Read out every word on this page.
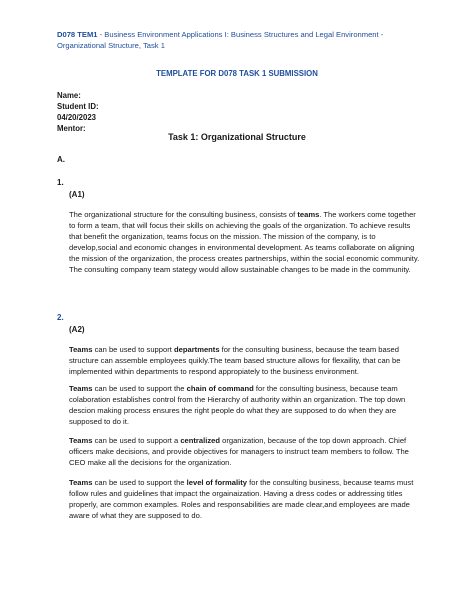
D078 TEM1 - Business Environment Applications I: Business Structures and Legal Environment - Organizational Structure, Task 1
TEMPLATE FOR D078 TASK 1 SUBMISSION
Name:
Student ID:
04/20/2023
Mentor:
Task 1: Organizational Structure
A.
1.
(A1)
The organizational structure for the consulting business, consists of teams. The workers come together to form a team, that will focus their skills on achieving the goals of the organization. To achieve results that benefit the organization, teams focus on the mission. The mission of the company, is to develop,social and economic changes in environmental development. As teams collaborate on aligning the mission of the organization, the process creates partnerships, within the social economic community. The consulting company team stategy would allow sustainable changes to be made in the community.
2.
(A2)
Teams can be used to support departments for the consulting business, because the team based structure can assemble employees quikly.The team based structure allows for flexaility, that can be implemented within departments to respond appropiately to the business environment.
Teams can be used to support the chain of command for the consulting business, because team colaboration establishes control from the Hierarchy of authority within an organization. The top down descion making process ensures the right people do what they are supposed to do when they are supposed to do it.
Teams can be used to support a centralized organization, because of the top down approach. Chief officers make decisions, and provide objectives for managers to instruct team members to follow. The CEO make all the decisions for the organization.
Teams can be used to support the level of formality for the consulting business, because teams must follow rules and guidelines that impact the orgainaization. Having a dress codes or addressing titles properly, are common examples. Roles and responsabilities are made clear,and employees are made aware of what they are supposed to do.
